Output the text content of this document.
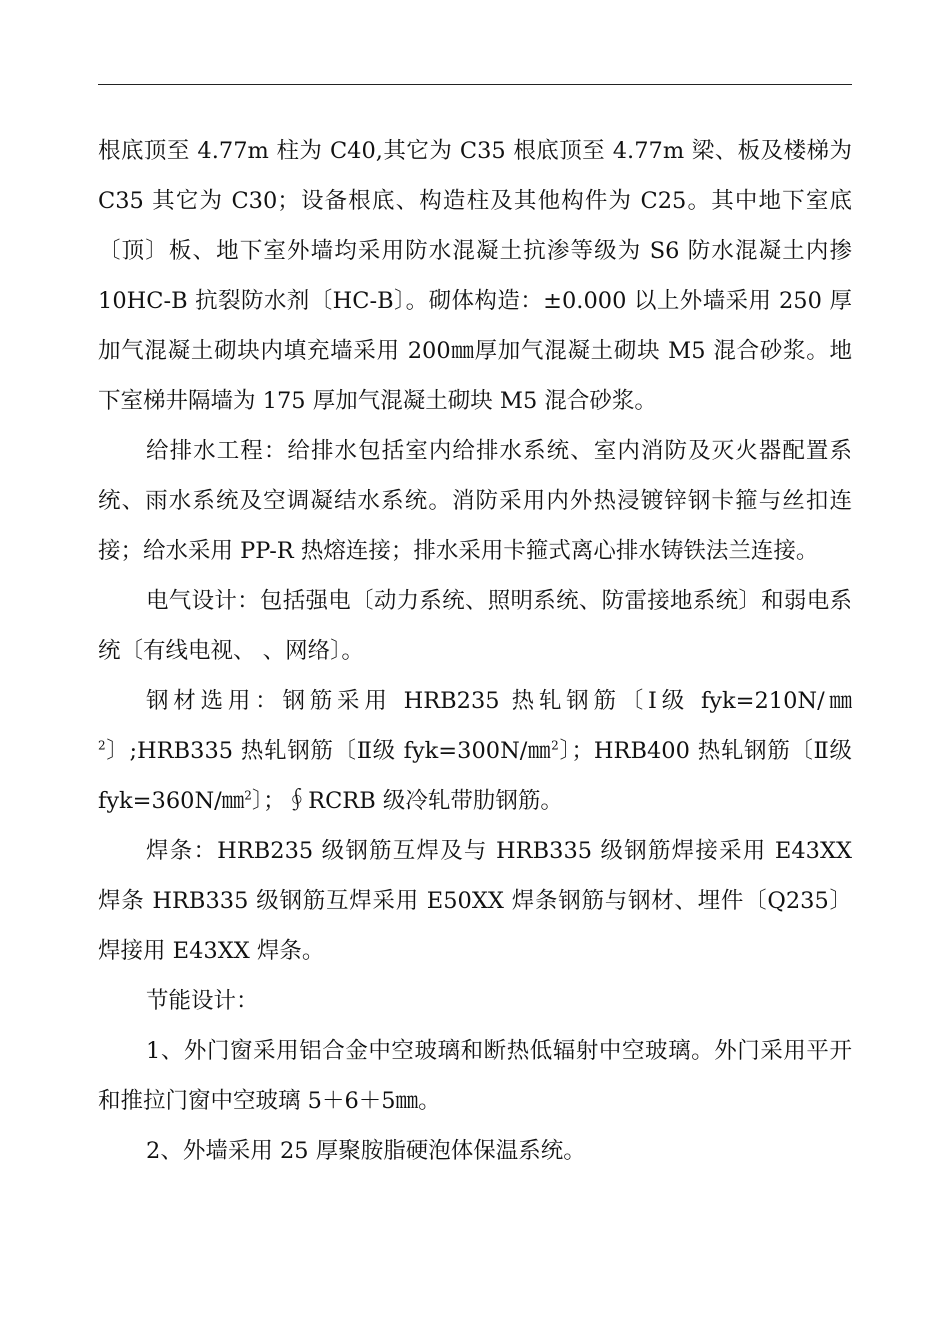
根底顶至 4.77m 柱为 C40,其它为 C35 根底顶至 4.77m 梁、板及楼梯为 C35 其它为 C30；设备根底、构造柱及其他构件为 C25。其中地下室底〔顶〕板、地下室外墙均采用防水混凝土抗渗等级为 S6 防水混凝土内掺 10HC-B 抗裂防水剂〔HC-B〕。砌体构造：±0.000 以上外墙采用 250 厚加气混凝土砌块内填充墙采用 200㎜厚加气混凝土砌块 M5 混合砂浆。地下室梯井隔墙为 175 厚加气混凝土砌块 M5 混合砂浆。

给排水工程：给排水包括室内给排水系统、室内消防及灭火器配置系统、雨水系统及空调凝结水系统。消防采用内外热浸镀锌钢卡箍与丝扣连接；给水采用 PP-R 热熔连接；排水采用卡箍式离心排水铸铁法兰连接。

电气设计：包括强电〔动力系统、照明系统、防雷接地系统〕和弱电系统〔有线电视、 、网络〕。

钢材选用：钢筋采用 HRB235 热轧钢筋〔Ⅰ级 fyk=210N/㎜$^2$〕;HRB335 热轧钢筋〔Ⅱ级 fyk=300N/㎜$^2$〕；HRB400 热轧钢筋〔Ⅱ级 fyk=360N/㎜$^2$〕；∮RCRB 级冷轧带肋钢筋。

焊条：HRB235 级钢筋互焊及与 HRB335 级钢筋焊接采用 E43XX 焊条 HRB335 级钢筋互焊采用 E50XX 焊条钢筋与钢材、埋件〔Q235〕焊接用 E43XX 焊条。

节能设计：

1、外门窗采用铝合金中空玻璃和断热低辐射中空玻璃。外门采用平开和推拉门窗中空玻璃 5＋6＋5㎜。

2、外墙采用 25 厚聚胺脂硬泡体保温系统。
